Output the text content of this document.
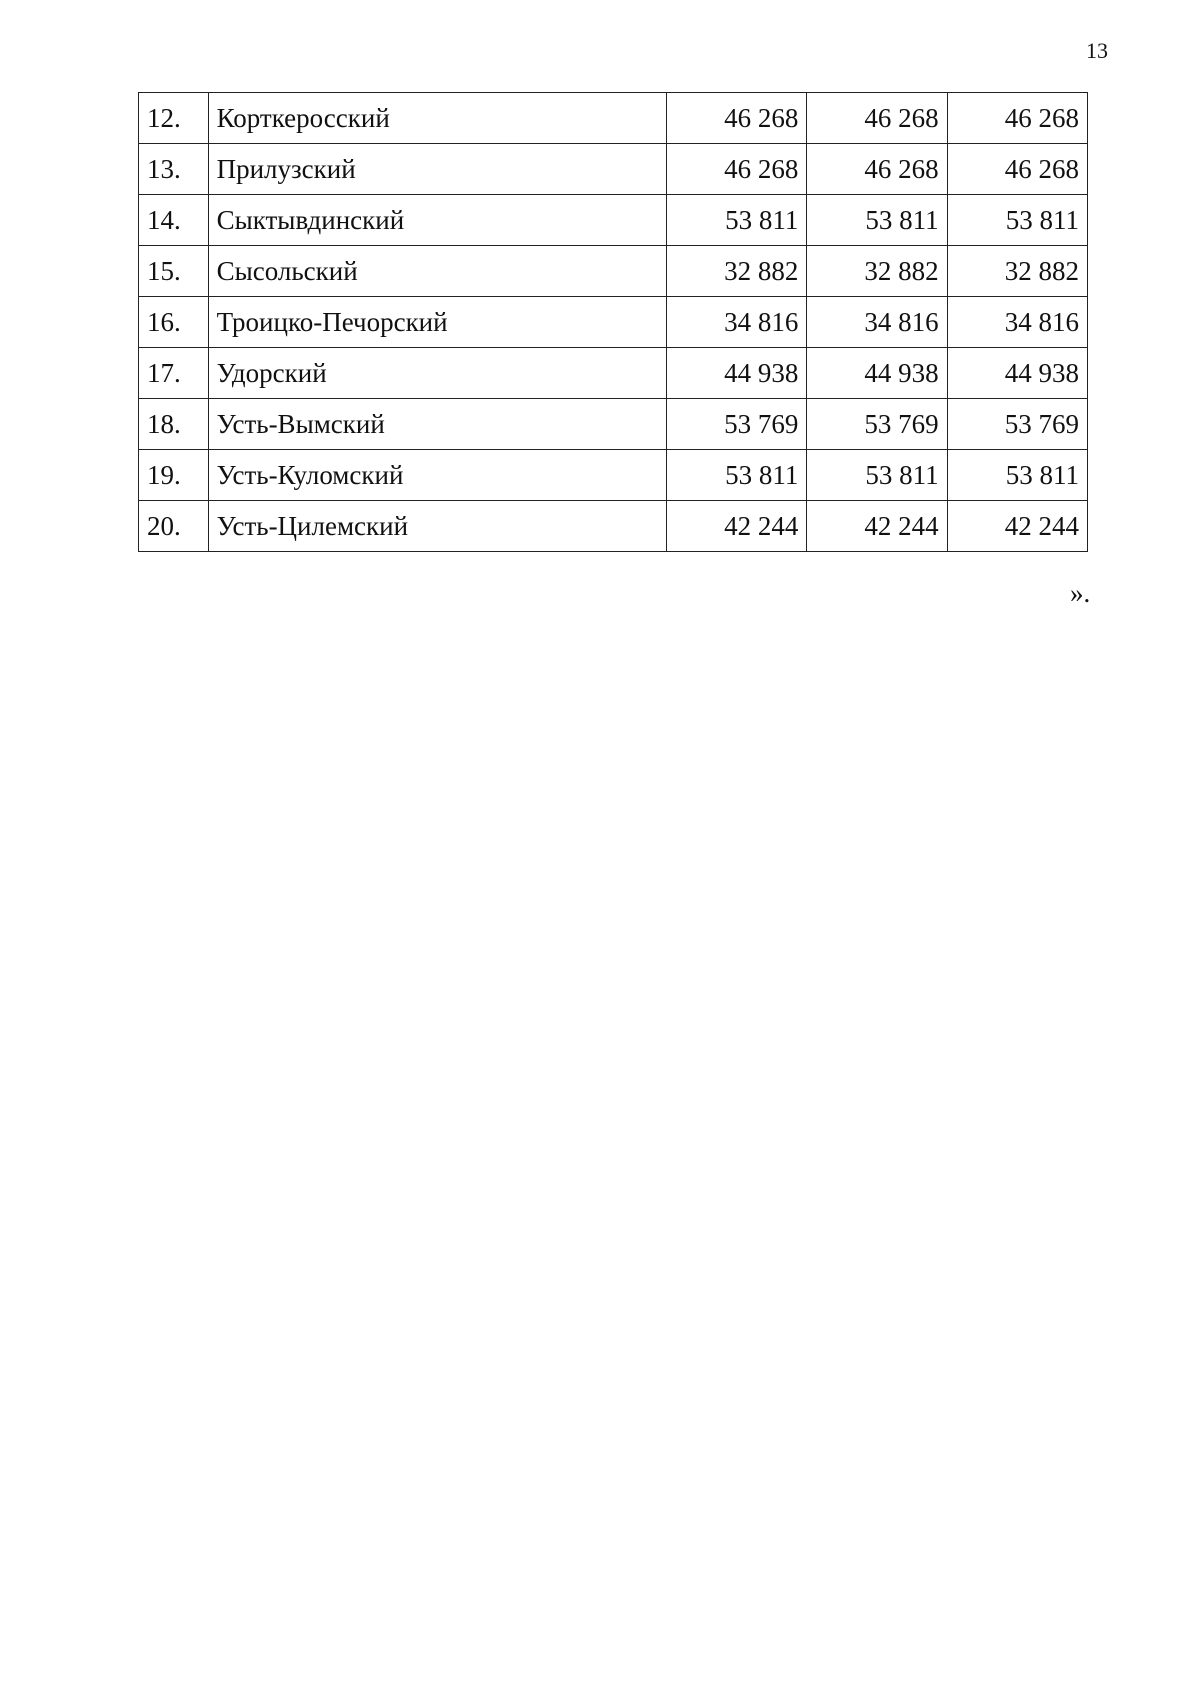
13
12.	Корткеросский	46 268	46 268	46 268
13.	Прилузский	46 268	46 268	46 268
14.	Сыктывдинский	53 811	53 811	53 811
15.	Сысольский	32 882	32 882	32 882
16.	Троицко-Печорский	34 816	34 816	34 816
17.	Удорский	44 938	44 938	44 938
18.	Усть-Вымский	53 769	53 769	53 769
19.	Усть-Куломский	53 811	53 811	53 811
20.	Усть-Цилемский	42 244	42 244	42 244
».
